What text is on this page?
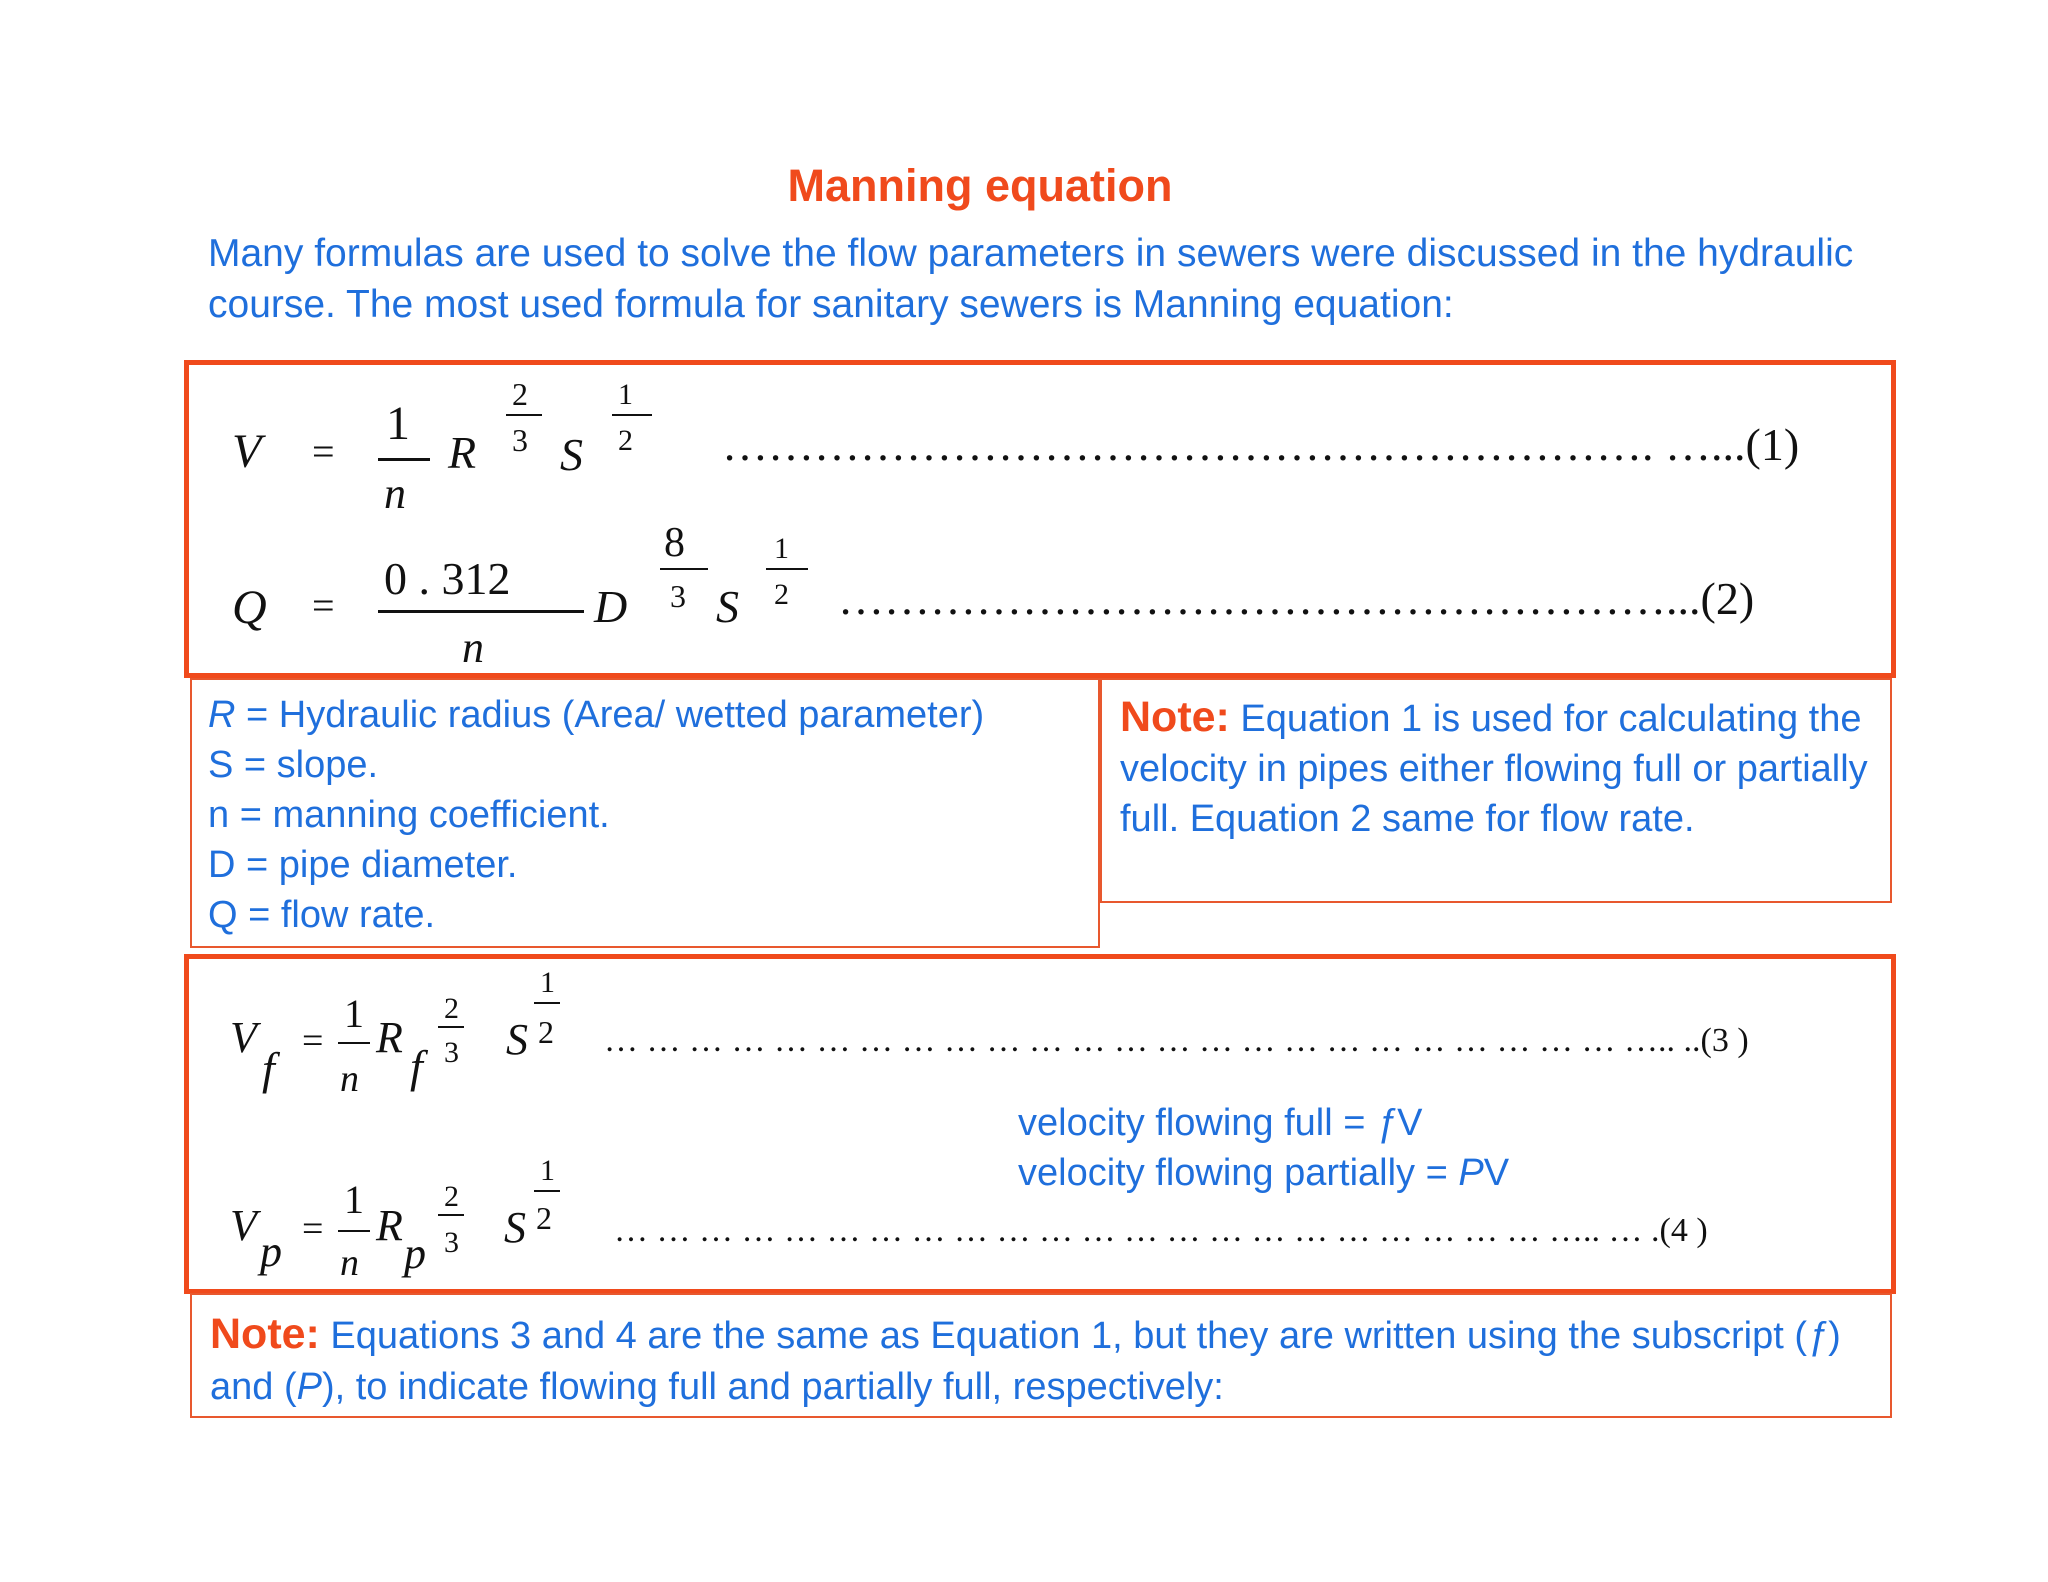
Manning equation
Many formulas are used to solve the flow parameters in sewers were discussed in the hydraulic course. The most used formula for sanitary sewers is Manning equation:
V =
1
n
R
2
3 S
1
2 ……………………………………………………. …...(1)
Q =
0 . 312
n
D
8
3 S
1
2 ………………………………………………...(2)
R = Hydraulic radius (Area/ wetted parameter)
S = slope.
n = manning coefficient.
D = pipe diameter.
Q = flow rate.
Note: Equation 1 is used for calculating the velocity in pipes either flowing full or partially full. Equation 2 same for flow rate.
V
f
=
1
n
R
f
2
3 S
1
2 … … … … … … … … … … … … … … … … … … … … … … … … ….. ..(3 )
velocity flowing full = ƒV
velocity flowing partially = PV
V
p =
1
n
R
p
2
3 S
1
2 … … … … … … … … … … … … … … … … … … … … … … ….. … .(4 )
Note: Equations 3 and 4 are the same as Equation 1, but they are written using the subscript (ƒ) and (P), to indicate flowing full and partially full, respectively:
